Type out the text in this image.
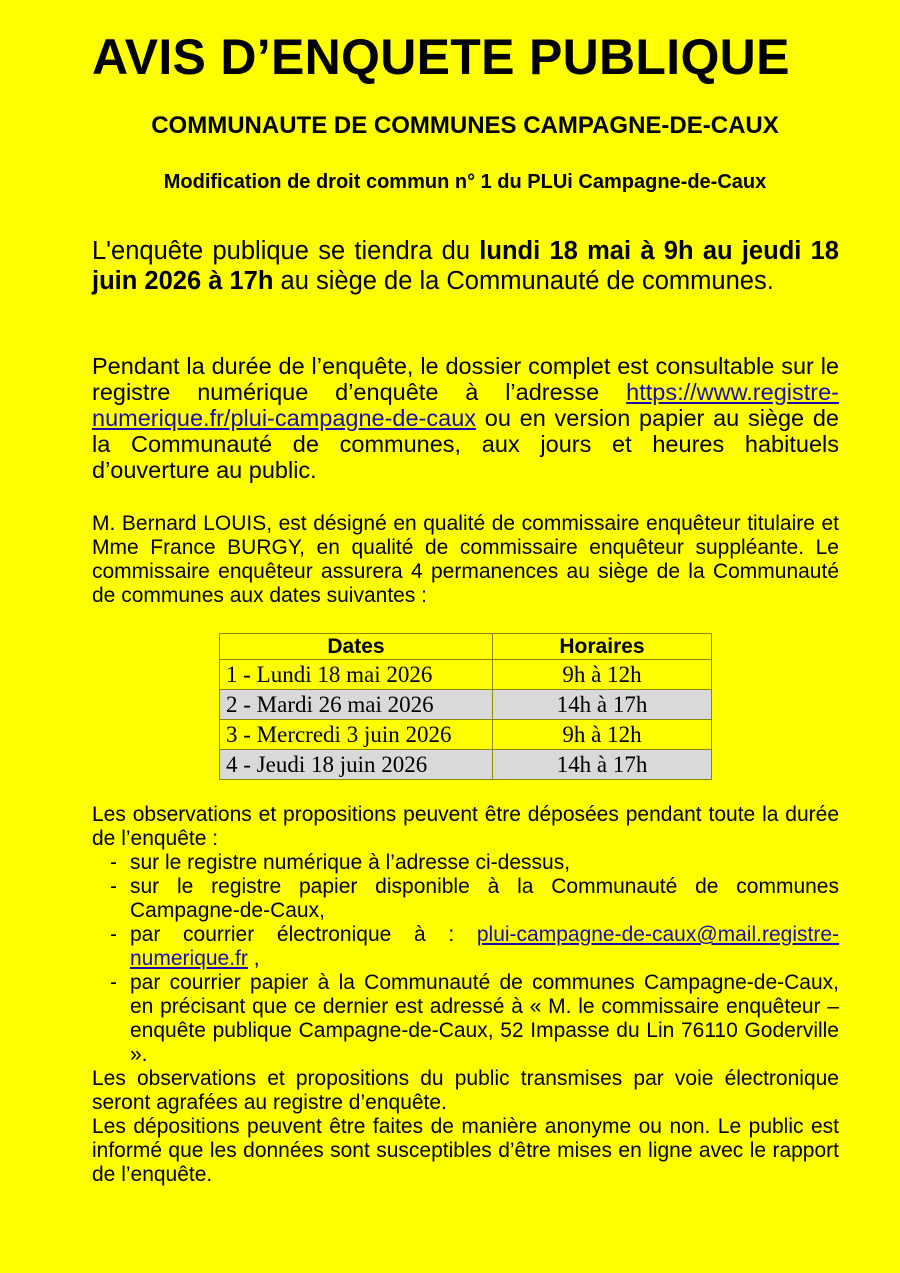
AVIS D’ENQUETE PUBLIQUE
COMMUNAUTE DE COMMUNES CAMPAGNE-DE-CAUX
Modification de droit commun n° 1 du PLUi Campagne-de-Caux

L'enquête publique se tiendra du lundi 18 mai à 9h au jeudi 18 juin 2026 à 17h au siège de la Communauté de communes.

Pendant la durée de l’enquête, le dossier complet est consultable sur le registre numérique d’enquête à l’adresse https://www.registre-numerique.fr/plui-campagne-de-caux ou en version papier au siège de la Communauté de communes, aux jours et heures habituels d’ouverture au public.

M. Bernard LOUIS, est désigné en qualité de commissaire enquêteur titulaire et Mme France BURGY, en qualité de commissaire enquêteur suppléante. Le commissaire enquêteur assurera 4 permanences au siège de la Communauté de communes aux dates suivantes :

Dates	Horaires
1 - Lundi 18 mai 2026	9h à 12h
2 - Mardi 26 mai 2026	14h à 17h
3 - Mercredi 3 juin 2026	9h à 12h
4 - Jeudi 18 juin 2026	14h à 17h
Les observations et propositions peuvent être déposées pendant toute la durée de l’enquête :
- sur le registre numérique à l’adresse ci-dessus,
- sur le registre papier disponible à la Communauté de communes Campagne-de-Caux,
- par courrier électronique à : plui-campagne-de-caux@mail.registre-numerique.fr ,
- par courrier papier à la Communauté de communes Campagne-de-Caux, en précisant que ce dernier est adressé à « M. le commissaire enquêteur – enquête publique Campagne-de-Caux, 52 Impasse du Lin 76110 Goderville ».
Les observations et propositions du public transmises par voie électronique seront agrafées au registre d’enquête.
Les dépositions peuvent être faites de manière anonyme ou non. Le public est informé que les données sont susceptibles d’être mises en ligne avec le rapport de l’enquête.
